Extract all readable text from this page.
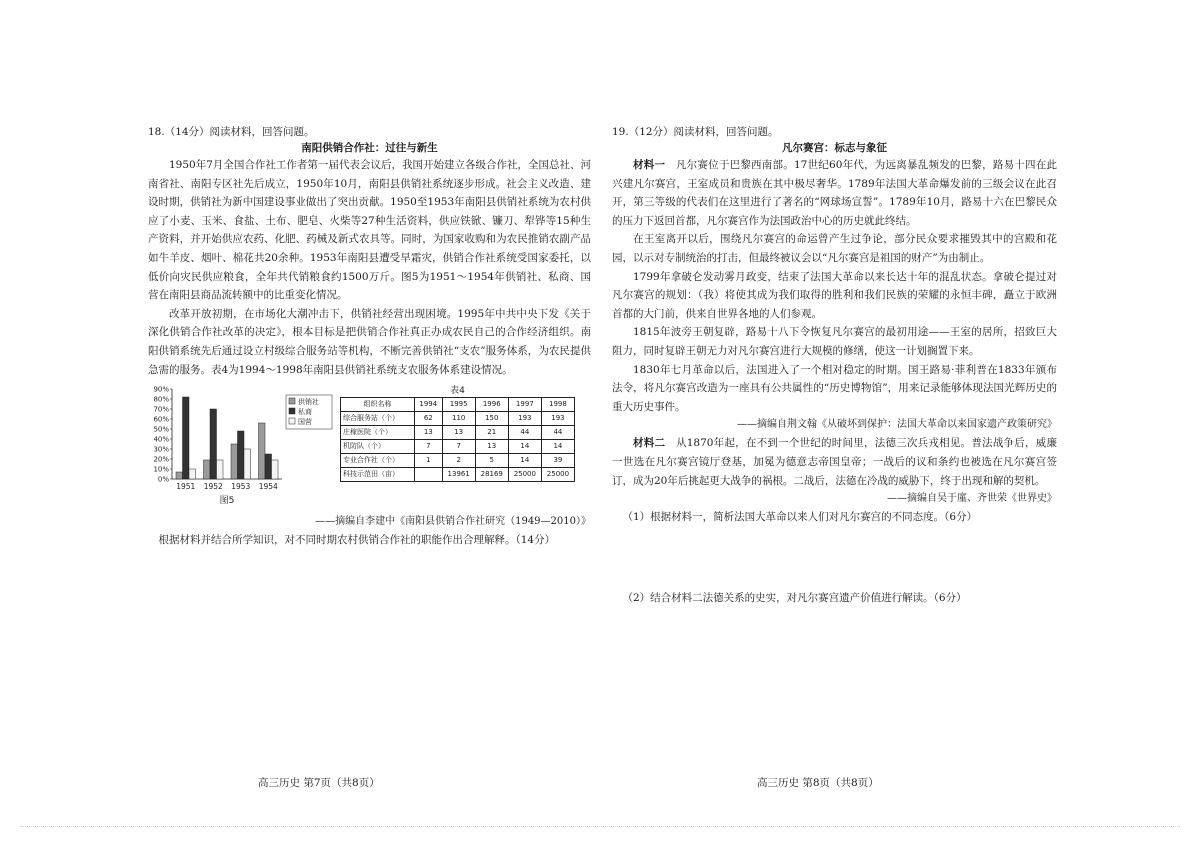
18.（14分）阅读材料，回答问题。

南阳供销合作社：过往与新生

1950年7月全国合作社工作者第一届代表会议后，我国开始建立各级合作社，全国总社、河南省社、南阳专区社先后成立，1950年10月，南阳县供销社系统逐步形成。社会主义改造、建设时期，供销社为新中国建设事业做出了突出贡献。1950至1953年南阳县供销社系统为农村供应了小麦、玉米、食盐、土布、肥皂、火柴等27种生活资料，供应铁锨、镰刀、犁铧等15种生产资料，并开始供应农药、化肥、药械及新式农具等。同时，为国家收购和为农民推销农副产品如牛羊皮、烟叶、棉花共20余种。1953年南阳县遭受旱霜灾，供销合作社系统受国家委托，以低价向灾民供应粮食，全年共代销粮食约1500万斤。图5为1951～1954年供销社、私商、国营在南阳县商品流转额中的比重变化情况。

改革开放初期，在市场化大潮冲击下，供销社经营出现困境。1995年中共中央下发《关于深化供销合作社改革的决定》，根本目标是把供销合作社真正办成农民自己的合作经济组织。南阳供销系统先后通过设立村级综合服务站等机构，不断完善供销社“支农”服务体系，为农民提供急需的服务。表4为1994～1998年南阳县供销社系统支农服务体系建设情况。

0%
10%
20%
30%
40%
50%
60%
70%
80%
90%
1951 1952 1953 1954
供销社
私商
国营
图5
表4
组织名称	1994	1995	1996	1997	1998
综合服务站（个）	62	110	150	193	193
庄稼医院（个）	13	13	21	44	44
机防队（个）	7	7	13	14	14
专业合作社（个）	1	2	5	14	39
科技示范田（亩）		13961	28169	25000	25000

——摘编自李建中《南阳县供销合作社研究（1949—2010）》

根据材料并结合所学知识，对不同时期农村供销合作社的职能作出合理解释。（14分）

19.（12分）阅读材料，回答问题。

凡尔赛宫：标志与象征

材料一　 凡尔赛位于巴黎西南部。17世纪60年代，为远离暴乱频发的巴黎，路易十四在此兴建凡尔赛宫，王室成员和贵族在其中极尽奢华。1789年法国大革命爆发前的三级会议在此召开，第三等级的代表们在这里进行了著名的“网球场宣誓”。1789年10月，路易十六在巴黎民众的压力下返回首都，凡尔赛宫作为法国政治中心的历史就此终结。

在王室离开以后，围绕凡尔赛宫的命运曾产生过争论，部分民众要求摧毁其中的宫殿和花园，以示对专制统治的打击，但最终被议会以“凡尔赛宫是祖国的财产”为由制止。

1799年拿破仑发动雾月政变，结束了法国大革命以来长达十年的混乱状态。拿破仑提过对凡尔赛宫的规划：（我）将使其成为我们取得的胜利和我们民族的荣耀的永恒丰碑，矗立于欧洲首都的大门前，供来自世界各地的人们参观。

1815年波旁王朝复辟，路易十八下令恢复凡尔赛宫的最初用途——王室的居所，招致巨大阻力，同时复辟王朝无力对凡尔赛宫进行大规模的修缮，使这一计划搁置下来。

1830年七月革命以后，法国进入了一个相对稳定的时期。国王路易·菲利普在1833年颁布法令，将凡尔赛宫改造为一座具有公共属性的“历史博物馆”，用来记录能够体现法国光辉历史的重大历史事件。

——摘编自荆文翰《从破坏到保护：法国大革命以来国家遗产政策研究》

材料二　 从1870年起，在不到一个世纪的时间里，法德三次兵戎相见。普法战争后，威廉一世选在凡尔赛宫镜厅登基，加冕为德意志帝国皇帝；一战后的议和条约也被选在凡尔赛宫签订，成为20年后挑起更大战争的祸根。二战后，法德在冷战的威胁下，终于出现和解的契机。

——摘编自吴于廑、齐世荣《世界史》

（1）根据材料一，简析法国大革命以来人们对凡尔赛宫的不同态度。（6分）

（2）结合材料二法德关系的史实，对凡尔赛宫遗产价值进行解读。（6分）

高三历史 第7页（共8页）	高三历史 第8页（共8页）
